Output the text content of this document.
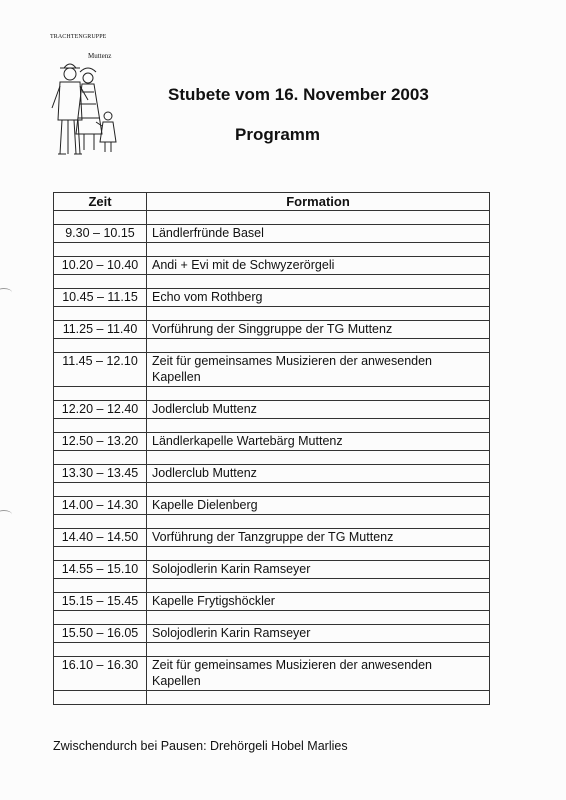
TRACHTENGRUPPE
Muttenz
Stubete vom 16. November 2003
Programm
Zeit	Formation

9.30 – 10.15	Ländlerfründe Basel

10.20 – 10.40	Andi + Evi mit de Schwyzerörgeli

10.45 – 11.15	Echo vom Rothberg

11.25 – 11.40	Vorführung der Singgruppe der TG Muttenz

11.45 – 12.10	Zeit für gemeinsames Musizieren der anwesenden Kapellen

12.20 – 12.40	Jodlerclub Muttenz

12.50 – 13.20	Ländlerkapelle Wartebärg Muttenz

13.30 – 13.45	Jodlerclub Muttenz

14.00 – 14.30	Kapelle Dielenberg

14.40 – 14.50	Vorführung der Tanzgruppe der TG Muttenz

14.55 – 15.10	Solojodlerin Karin Ramseyer

15.15 – 15.45	Kapelle Frytigshöckler

15.50 – 16.05	Solojodlerin Karin Ramseyer

16.10 – 16.30	Zeit für gemeinsames Musizieren der anwesenden Kapellen

Zwischendurch bei Pausen: Drehörgeli Hobel Marlies
